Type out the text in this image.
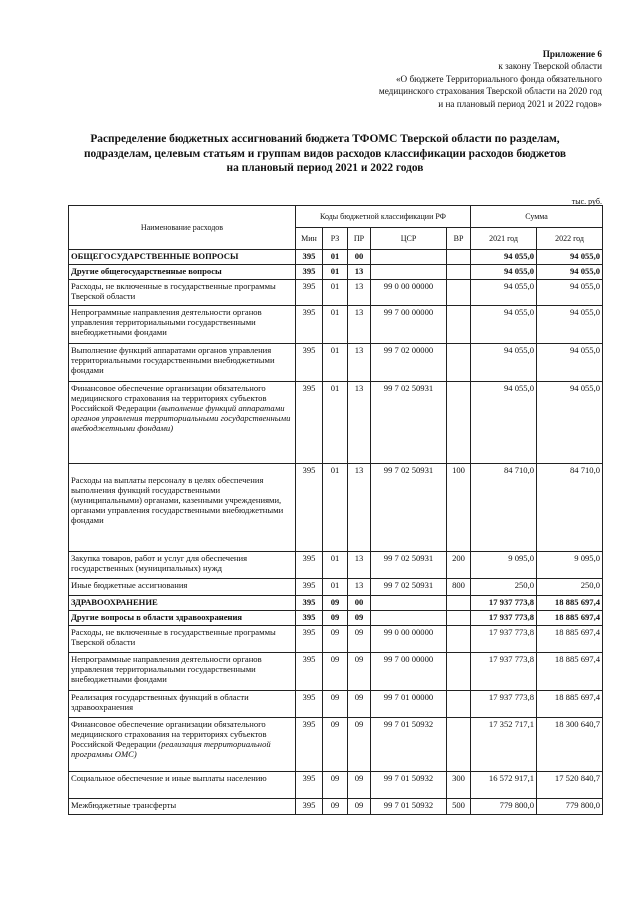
Приложение 6
к закону Тверской области
«О бюджете Территориального фонда обязательного
медицинского страхования Тверской области на 2020 год
и на плановый период 2021 и 2022 годов»
Распределение бюджетных ассигнований бюджета ТФОМС Тверской области по разделам,
подразделам, целевым статьям и группам видов расходов классификации расходов бюджетов
на плановый период 2021 и 2022 годов
тыс. руб.
Наименование расходов	Коды бюджетной классификации РФ					Сумма	
	Мин	РЗ	ПР	ЦСР	ВР	2021 год	2022 год
ОБЩЕГОСУДАРСТВЕННЫЕ ВОПРОСЫ	395	01	00			94 055,0	94 055,0
Другие общегосударственные вопросы	395	01	13			94 055,0	94 055,0
Расходы, не включенные в государственные программы Тверской области	395	01	13	99 0 00 00000		94 055,0	94 055,0
Непрограммные направления деятельности органов управления территориальными государственными внебюджетными фондами	395	01	13	99 7 00 00000		94 055,0	94 055,0
Выполнение функций аппаратами органов управления территориальными государственными внебюджетными фондами	395	01	13	99 7 02 00000		94 055,0	94 055,0
Финансовое обеспечение организации обязательного медицинского страхования на территориях субъектов Российской Федерации (выполнение функций аппаратами органов управления территориальными государственными внебюджетными фондами)	395	01	13	99 7 02 50931		94 055,0	94 055,0
Расходы на выплаты персоналу в целях обеспечения выполнения функций государственными (муниципальными) органами, казенными учреждениями, органами управления государственными внебюджетными фондами	395	01	13	99 7 02 50931	100	84 710,0	84 710,0
Закупка товаров, работ и услуг для обеспечения государственных (муниципальных) нужд	395	01	13	99 7 02 50931	200	9 095,0	9 095,0
Иные бюджетные ассигнования	395	01	13	99 7 02 50931	800	250,0	250,0
ЗДРАВООХРАНЕНИЕ	395	09	00			17 937 773,8	18 885 697,4
Другие вопросы в области здравоохранения	395	09	09			17 937 773,8	18 885 697,4
Расходы, не включенные в государственные программы Тверской области	395	09	09	99 0 00 00000		17 937 773,8	18 885 697,4
Непрограммные направления деятельности органов управления территориальными государственными внебюджетными фондами	395	09	09	99 7 00 00000		17 937 773,8	18 885 697,4
Реализация государственных функций в области здравоохранения	395	09	09	99 7 01 00000		17 937 773,8	18 885 697,4
Финансовое обеспечение организации обязательного медицинского страхования на территориях субъектов Российской Федерации (реализация территориальной программы ОМС)	395	09	09	99 7 01 50932		17 352 717,1	18 300 640,7
Социальное обеспечение и иные выплаты населению	395	09	09	99 7 01 50932	300	16 572 917,1	17 520 840,7
Межбюджетные трансферты	395	09	09	99 7 01 50932	500	779 800,0	779 800,0
